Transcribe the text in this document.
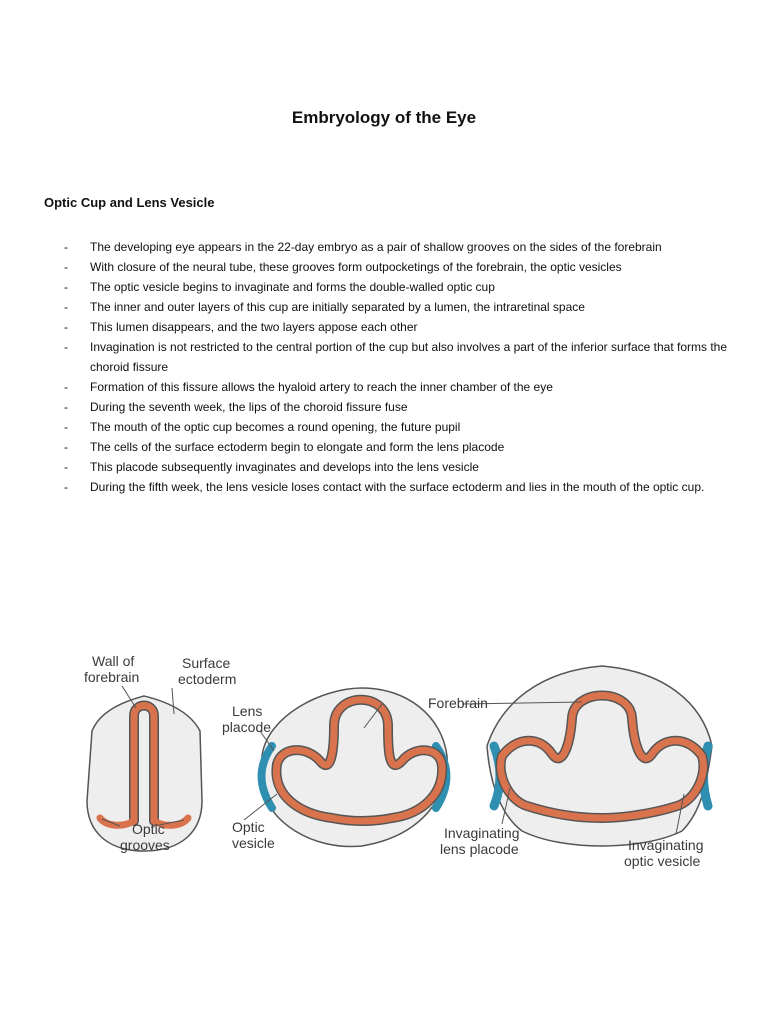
Embryology of the Eye
Optic Cup and Lens Vesicle
- The developing eye appears in the 22-day embryo as a pair of shallow grooves on the sides of the forebrain
- With closure of the neural tube, these grooves form outpocketings of the forebrain, the optic vesicles
- The optic vesicle begins to invaginate and forms the double-walled optic cup
- The inner and outer layers of this cup are initially separated by a lumen, the intraretinal space
- This lumen disappears, and the two layers appose each other
- Invagination is not restricted to the central portion of the cup but also involves a part of the inferior surface that forms the choroid fissure
- Formation of this fissure allows the hyaloid artery to reach the inner chamber of the eye
- During the seventh week, the lips of the choroid fissure fuse
- The mouth of the optic cup becomes a round opening, the future pupil
- The cells of the surface ectoderm begin to elongate and form the lens placode
- This placode subsequently invaginates and develops into the lens vesicle
- During the fifth week, the lens vesicle loses contact with the surface ectoderm and lies in the mouth of the optic cup.
Wall of
forebrain
Surface
ectoderm
Optic
grooves
Lens
placode
Optic
vesicle
Forebrain
Invaginating
lens placode	Invaginating
optic vesicle
